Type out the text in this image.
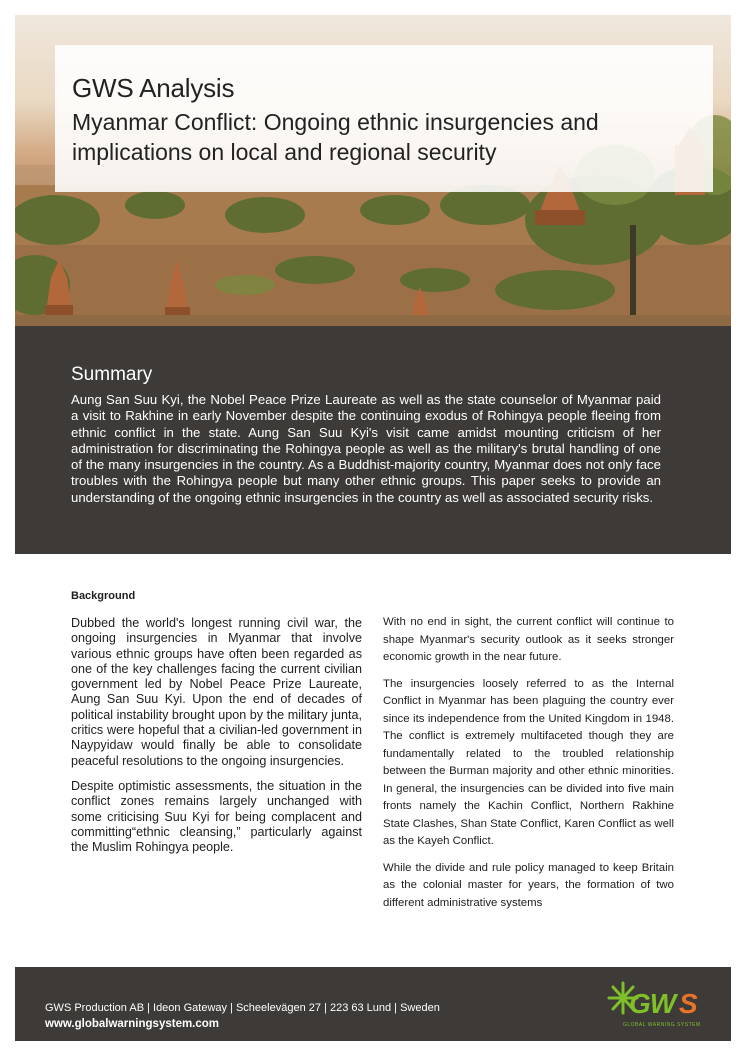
GWS Analysis
Myanmar Conflict: Ongoing ethnic insurgencies and implications on local and regional security
Summary

Aung San Suu Kyi, the Nobel Peace Prize Laureate as well as the state counselor of Myanmar paid a visit to Rakhine in early November despite the continuing exodus of Rohingya people fleeing from ethnic conflict in the state. Aung San Suu Kyi's visit came amidst mounting criticism of her administration for discriminating the Rohingya people as well as the military's brutal handling of one of the many insurgencies in the country. As a Buddhist-majority country, Myanmar does not only face troubles with the Rohingya people but many other ethnic groups. This paper seeks to provide an understanding of the ongoing ethnic insurgencies in the country as well as associated security risks.

Background

Dubbed the world's longest running civil war, the ongoing insurgencies in Myanmar that involve various ethnic groups have often been regarded as one of the key challenges facing the current civilian government led by Nobel Peace Prize Laureate, Aung San Suu Kyi. Upon the end of decades of political instability brought upon by the military junta, critics were hopeful that a civilian-led government in Naypyidaw would finally be able to consolidate peaceful resolutions to the ongoing insurgencies.

Despite optimistic assessments, the situation in the conflict zones remains largely unchanged with some criticising Suu Kyi for being complacent and committing“ethnic cleansing,” particularly against the Muslim Rohingya people.

With no end in sight, the current conflict will continue to shape Myanmar's security outlook as it seeks stronger economic growth in the near future.

The insurgencies loosely referred to as the Internal Conflict in Myanmar has been plaguing the country ever since its independence from the United Kingdom in 1948. The conflict is extremely multifaceted though they are fundamentally related to the troubled relationship between the Burman majority and other ethnic minorities. In general, the insurgencies can be divided into five main fronts namely the Kachin Conflict, Northern Rakhine State Clashes, Shan State Conflict, Karen Conflict as well as the Kayeh Conflict.

While the divide and rule policy managed to keep Britain as the colonial master for years, the formation of two different administrative systems

GWS Production AB | Ideon Gateway | Scheelevägen 27 | 223 63 Lund | Sweden
www.globalwarningsystem.com
GW S
GLOBAL WARNING SYSTEM
